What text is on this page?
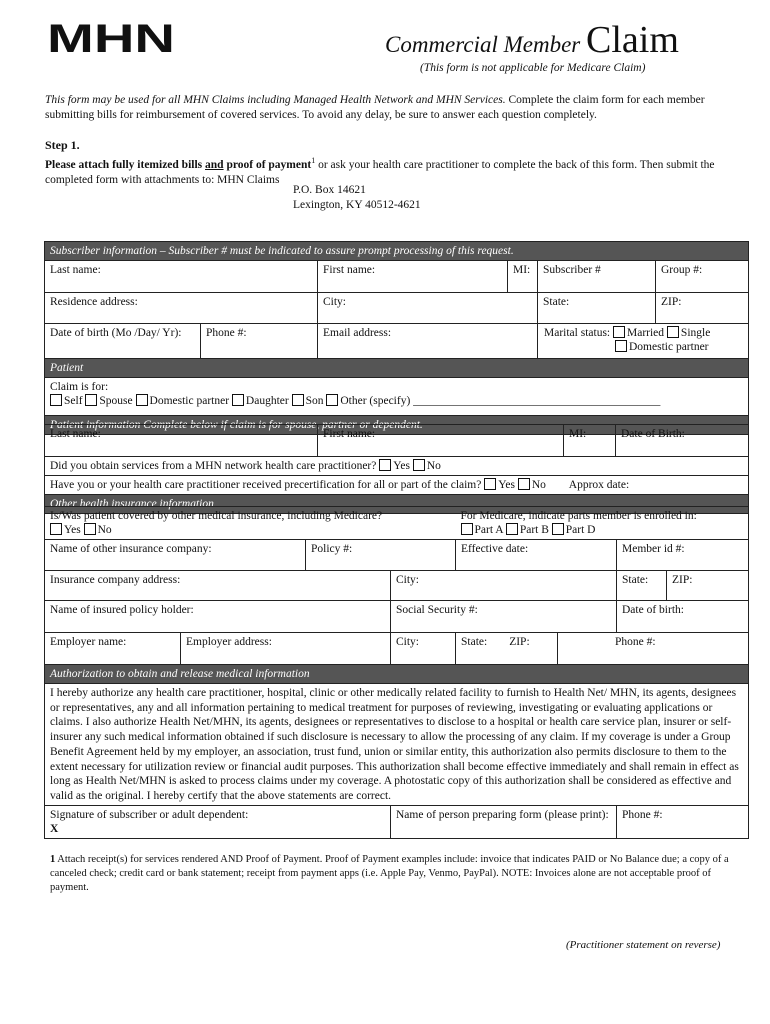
MHN	Commercial Member Claim
(This form is not applicable for Medicare Claim)
This form may be used for all MHN Claims including Managed Health Network and MHN Services. Complete the claim form for each member submitting bills for reimbursement of covered services. To avoid any delay, be sure to answer each question completely.
Step 1.
Please attach fully itemized bills and proof of payment$^1$ or ask your health care practitioner to complete the back of this form. Then submit the completed form with attachments to: MHN Claims
P.O. Box 14621
Lexington, KY 40512-4621
Subscriber information – Subscriber # must be indicated to assure prompt processing of this request.					
Last name:		First name:	MI:	Subscriber #	Group #:
Residence address:		City:		State:	ZIP:
Date of birth (Mo /Day/ Yr):	Phone #:	Email address:		Marital status: Married Single
Domestic partner	
Patient					
Claim is for:
Self Spouse Domestic partner Daughter Son Other (specify) ___________________________________________					
Patient information Complete below if claim is for spouse, partner or dependent.					
Last name:	First name:	MI:	Date of Birth:
Did you obtain services from a MHN network health care practitioner? Yes No
Have you or your health care practitioner received precertification for all or part of the claim? Yes No Approx date:
Other health insurance information
Is/Was patient covered by other medical insurance, including Medicare?
Yes No				For Medicare, indicate parts member is enrolled in:
Part A Part B Part D			
Name of other insurance company:		Policy #:		Effective date:		Member id #:	
Insurance company address:			City:			State:	ZIP:
Name of insured policy holder:			Social Security #:			Date of birth:	
Employer name:	Employer address:		City:	State: ZIP:	Phone #:		
Authorization to obtain and release medical information							
I hereby authorize any health care practitioner, hospital, clinic or other medically related facility to furnish to Health Net/ MHN, its agents, designees or representatives, any and all information pertaining to medical treatment for purposes of reviewing, investigating or evaluating applications or claims. I also authorize Health Net/MHN, its agents, designees or representatives to disclose to a hospital or health care service plan, insurer or self-insurer any such medical information obtained if such disclosure is necessary to allow the processing of any claim. If my coverage is under a Group Benefit Agreement held by my employer, an association, trust fund, union or similar entity, this authorization also permits disclosure to them to the extent necessary for utilization review or financial audit purposes. This authorization shall become effective immediately and shall remain in effect as long as Health Net/MHN is asked to process claims under my coverage. A photostatic copy of this authorization shall be considered as effective and valid as the original. I hereby certify that the above statements are correct.							
Signature of subscriber or adult dependent:
X			Name of person preparing form (please print):			Phone #:	
1 Attach receipt(s) for services rendered AND Proof of Payment. Proof of Payment examples include: invoice that indicates PAID or No Balance due; a copy of a canceled check; credit card or bank statement; receipt from payment apps (i.e. Apple Pay, Venmo, PayPal). NOTE: Invoices alone are not acceptable proof of payment.
(Practitioner statement on reverse)
